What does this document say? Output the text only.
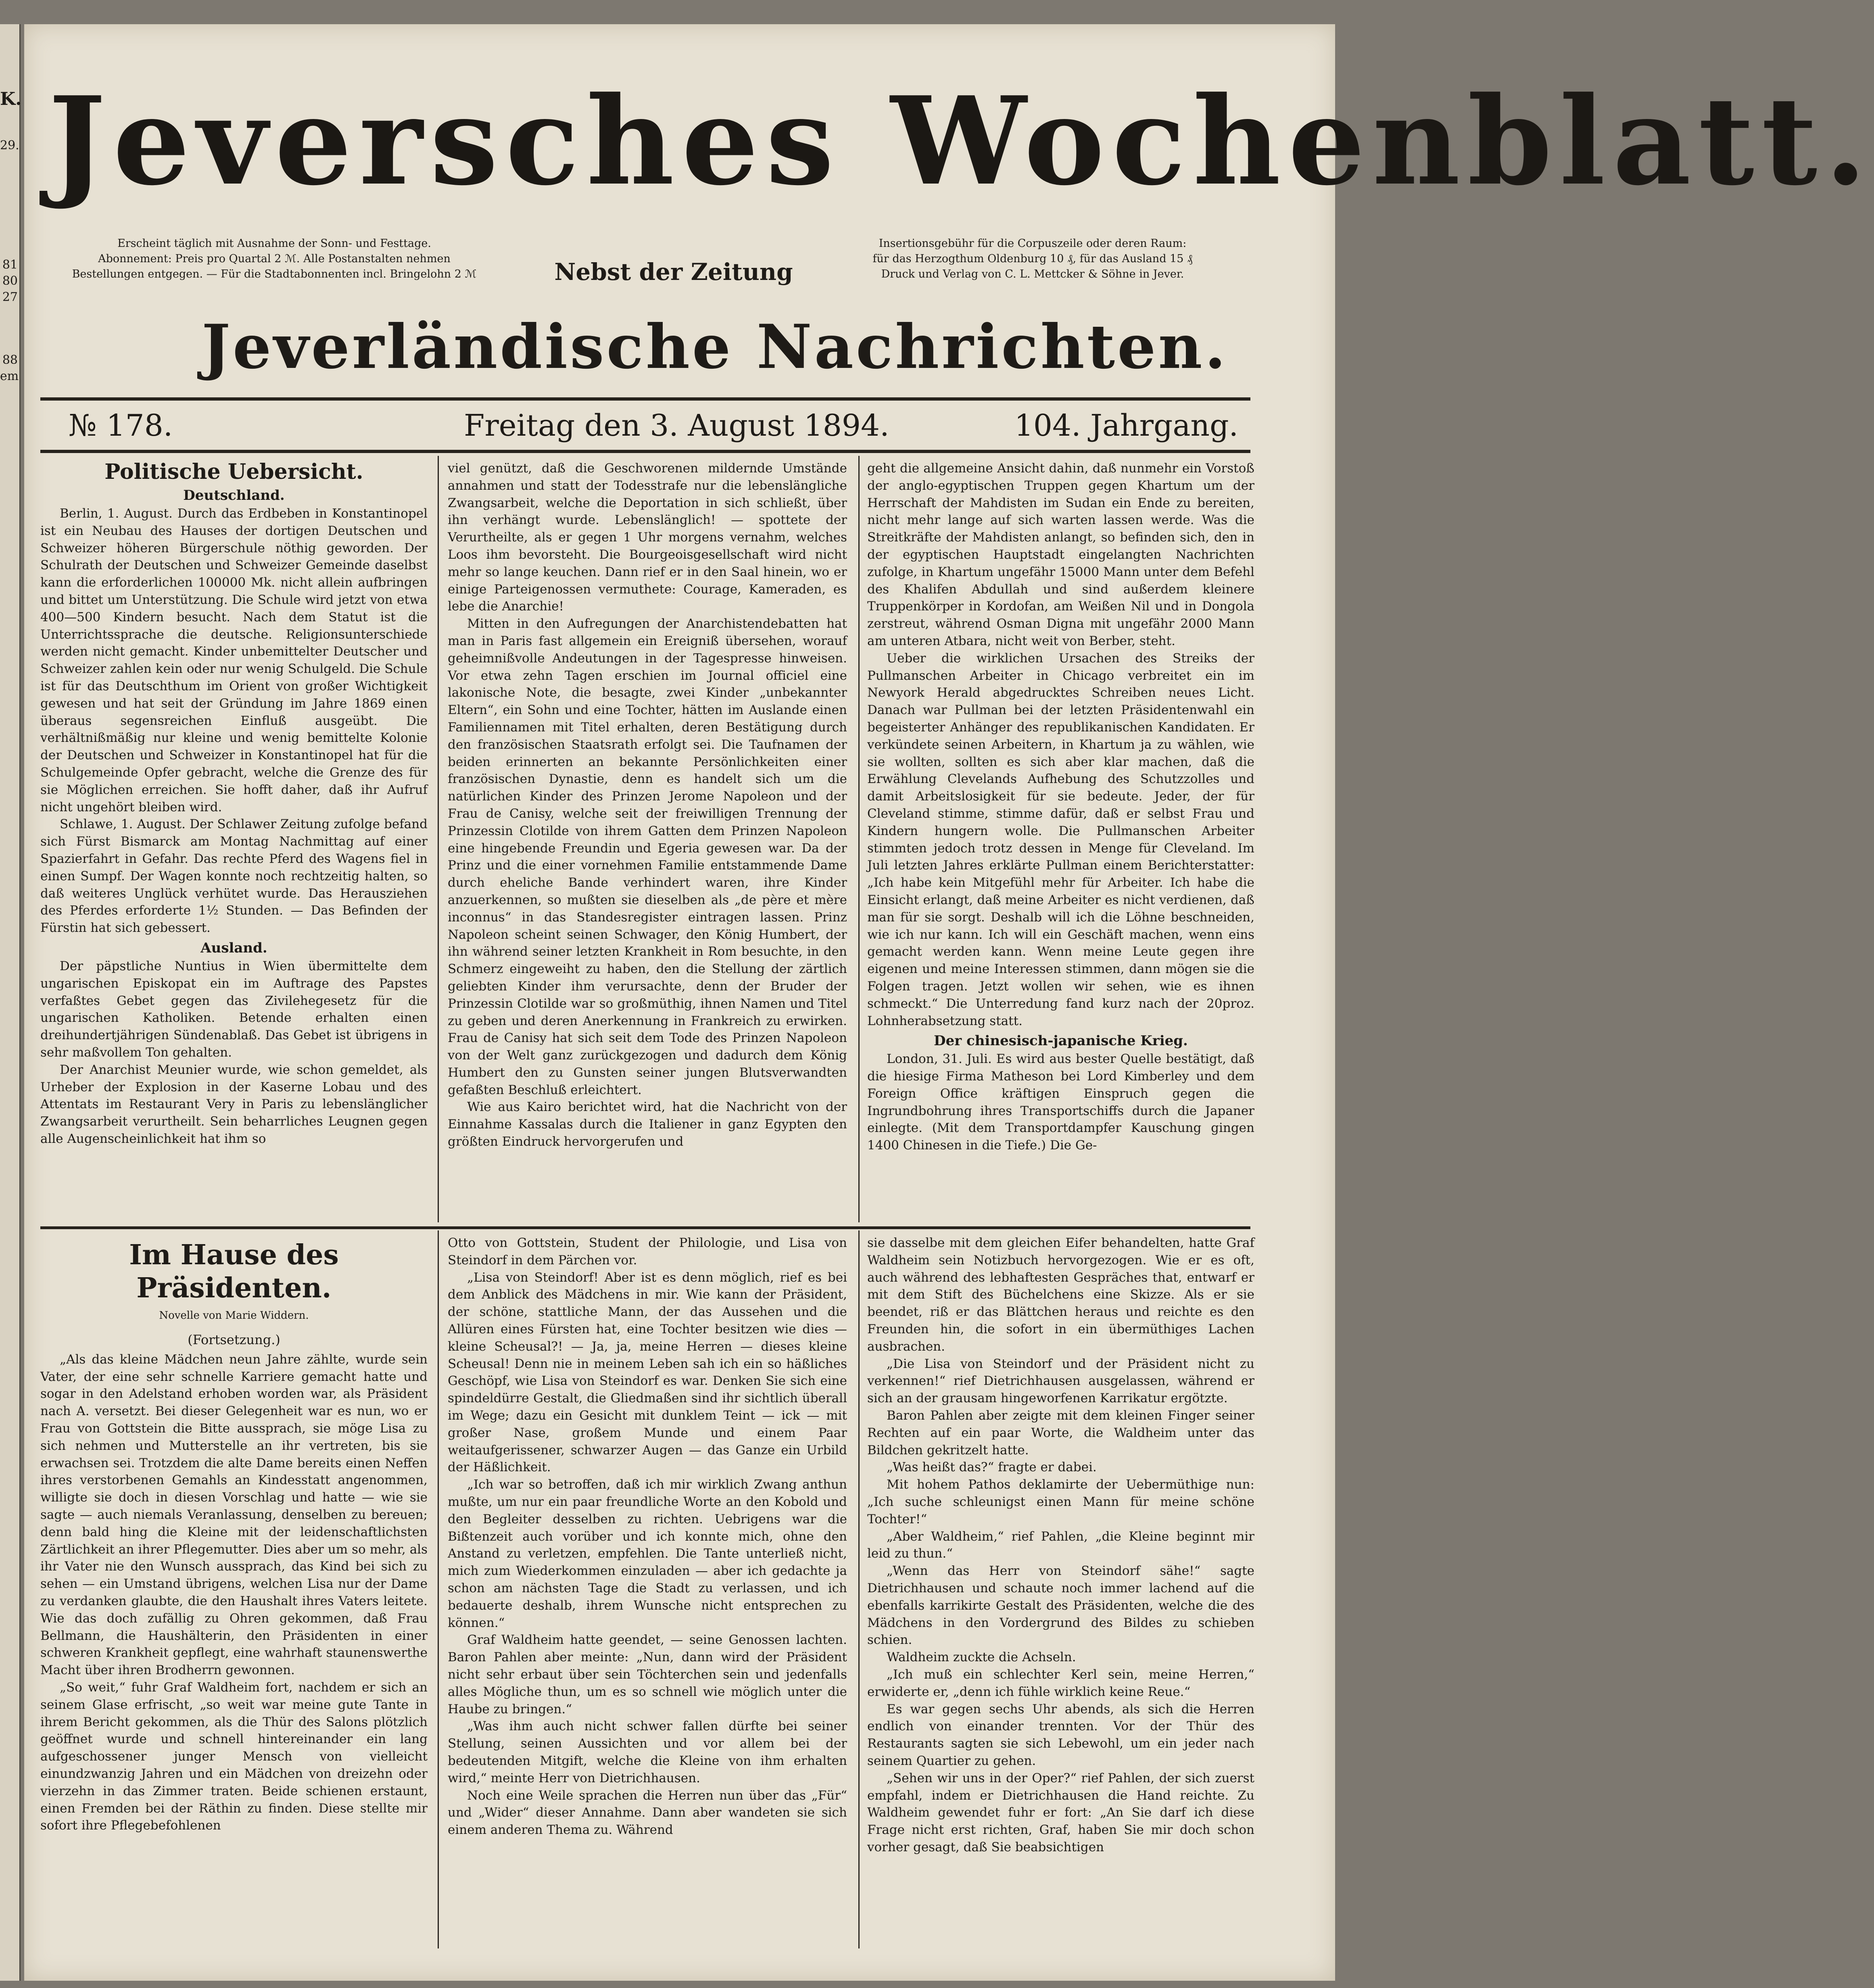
K.
29.
81
80
27
88
em
Jeversches Wochenblatt.
Erscheint täglich mit Ausnahme der Sonn- und Festtage.
Abonnement: Preis pro Quartal 2 ℳ. Alle Postanstalten nehmen
Bestellungen entgegen. — Für die Stadtabonnenten incl. Bringelohn 2 ℳ	Nebst der Zeitung
Insertionsgebühr für die Corpuszeile oder deren Raum:
für das Herzogthum Oldenburg 10 ₰, für das Ausland 15 ₰
Druck und Verlag von C. L. Mettcker & Söhne in Jever.
Jeverländische Nachrichten.
№ 178.	Freitag den 3. August 1894.	104. Jahrgang.
Politische Uebersicht.
Deutschland.

Berlin, 1. August. Durch das Erdbeben in Konstantinopel ist ein Neubau des Hauses der dortigen Deutschen und Schweizer höheren Bürgerschule nöthig geworden. Der Schulrath der Deutschen und Schweizer Gemeinde daselbst kann die erforderlichen 100000 Mk. nicht allein aufbringen und bittet um Unterstützung. Die Schule wird jetzt von etwa 400—500 Kindern besucht. Nach dem Statut ist die Unterrichtssprache die deutsche. Religionsunterschiede werden nicht gemacht. Kinder unbemittelter Deutscher und Schweizer zahlen kein oder nur wenig Schulgeld. Die Schule ist für das Deutschthum im Orient von großer Wichtigkeit gewesen und hat seit der Gründung im Jahre 1869 einen überaus segensreichen Einfluß ausgeübt. Die verhältnißmäßig nur kleine und wenig bemittelte Kolonie der Deutschen und Schweizer in Konstantinopel hat für die Schulgemeinde Opfer gebracht, welche die Grenze des für sie Möglichen erreichen. Sie hofft daher, daß ihr Aufruf nicht ungehört bleiben wird.

Schlawe, 1. August. Der Schlawer Zeitung zufolge befand sich Fürst Bismarck am Montag Nachmittag auf einer Spazierfahrt in Gefahr. Das rechte Pferd des Wagens fiel in einen Sumpf. Der Wagen konnte noch rechtzeitig halten, so daß weiteres Unglück verhütet wurde. Das Herausziehen des Pferdes erforderte 1½ Stunden. — Das Befinden der Fürstin hat sich gebessert.

Ausland.

Der päpstliche Nuntius in Wien übermittelte dem ungarischen Episkopat ein im Auftrage des Papstes verfaßtes Gebet gegen das Zivilehegesetz für die ungarischen Katholiken. Betende erhalten einen dreihundertjährigen Sündenablaß. Das Gebet ist übrigens in sehr maßvollem Ton gehalten.

Der Anarchist Meunier wurde, wie schon gemeldet, als Urheber der Explosion in der Kaserne Lobau und des Attentats im Restaurant Very in Paris zu lebenslänglicher Zwangsarbeit verurtheilt. Sein beharrliches Leugnen gegen alle Augenscheinlichkeit hat ihm so

viel genützt, daß die Geschworenen mildernde Umstände annahmen und statt der Todesstrafe nur die lebenslängliche Zwangsarbeit, welche die Deportation in sich schließt, über ihn verhängt wurde. Lebenslänglich! — spottete der Verurtheilte, als er gegen 1 Uhr morgens vernahm, welches Loos ihm bevorsteht. Die Bourgeoisgesellschaft wird nicht mehr so lange keuchen. Dann rief er in den Saal hinein, wo er einige Parteigenossen vermuthete: Courage, Kameraden, es lebe die Anarchie!

Mitten in den Aufregungen der Anarchistendebatten hat man in Paris fast allgemein ein Ereigniß übersehen, worauf geheimnißvolle Andeutungen in der Tagespresse hinweisen. Vor etwa zehn Tagen erschien im Journal officiel eine lakonische Note, die besagte, zwei Kinder „unbekannter Eltern“, ein Sohn und eine Tochter, hätten im Auslande einen Familiennamen mit Titel erhalten, deren Bestätigung durch den französischen Staatsrath erfolgt sei. Die Taufnamen der beiden erinnerten an bekannte Persönlichkeiten einer französischen Dynastie, denn es handelt sich um die natürlichen Kinder des Prinzen Jerome Napoleon und der Frau de Canisy, welche seit der freiwilligen Trennung der Prinzessin Clotilde von ihrem Gatten dem Prinzen Napoleon eine hingebende Freundin und Egeria gewesen war. Da der Prinz und die einer vornehmen Familie entstammende Dame durch eheliche Bande verhindert waren, ihre Kinder anzuerkennen, so mußten sie dieselben als „de père et mère inconnus“ in das Standesregister eintragen lassen. Prinz Napoleon scheint seinen Schwager, den König Humbert, der ihn während seiner letzten Krankheit in Rom besuchte, in den Schmerz eingeweiht zu haben, den die Stellung der zärtlich geliebten Kinder ihm verursachte, denn der Bruder der Prinzessin Clotilde war so großmüthig, ihnen Namen und Titel zu geben und deren Anerkennung in Frankreich zu erwirken. Frau de Canisy hat sich seit dem Tode des Prinzen Napoleon von der Welt ganz zurückgezogen und dadurch dem König Humbert den zu Gunsten seiner jungen Blutsverwandten gefaßten Beschluß erleichtert.

Wie aus Kairo berichtet wird, hat die Nachricht von der Einnahme Kassalas durch die Italiener in ganz Egypten den größten Eindruck hervorgerufen und

geht die allgemeine Ansicht dahin, daß nunmehr ein Vorstoß der anglo-egyptischen Truppen gegen Khartum um der Herrschaft der Mahdisten im Sudan ein Ende zu bereiten, nicht mehr lange auf sich warten lassen werde. Was die Streitkräfte der Mahdisten anlangt, so befinden sich, den in der egyptischen Hauptstadt eingelangten Nachrichten zufolge, in Khartum ungefähr 15000 Mann unter dem Befehl des Khalifen Abdullah und sind außerdem kleinere Truppenkörper in Kordofan, am Weißen Nil und in Dongola zerstreut, während Osman Digna mit ungefähr 2000 Mann am unteren Atbara, nicht weit von Berber, steht.

Ueber die wirklichen Ursachen des Streiks der Pullmanschen Arbeiter in Chicago verbreitet ein im Newyork Herald abgedrucktes Schreiben neues Licht. Danach war Pullman bei der letzten Präsidentenwahl ein begeisterter Anhänger des republikanischen Kandidaten. Er verkündete seinen Arbeitern, in Khartum ja zu wählen, wie sie wollten, sollten es sich aber klar machen, daß die Erwählung Clevelands Aufhebung des Schutzzolles und damit Arbeitslosigkeit für sie bedeute. Jeder, der für Cleveland stimme, stimme dafür, daß er selbst Frau und Kindern hungern wolle. Die Pullmanschen Arbeiter stimmten jedoch trotz dessen in Menge für Cleveland. Im Juli letzten Jahres erklärte Pullman einem Berichterstatter: „Ich habe kein Mitgefühl mehr für Arbeiter. Ich habe die Einsicht erlangt, daß meine Arbeiter es nicht verdienen, daß man für sie sorgt. Deshalb will ich die Löhne beschneiden, wie ich nur kann. Ich will ein Geschäft machen, wenn eins gemacht werden kann. Wenn meine Leute gegen ihre eigenen und meine Interessen stimmen, dann mögen sie die Folgen tragen. Jetzt wollen wir sehen, wie es ihnen schmeckt.“ Die Unterredung fand kurz nach der 20proz. Lohnherabsetzung statt.

Der chinesisch-japanische Krieg.

London, 31. Juli. Es wird aus bester Quelle bestätigt, daß die hiesige Firma Matheson bei Lord Kimberley und dem Foreign Office kräftigen Einspruch gegen die Ingrundbohrung ihres Transportschiffs durch die Japaner einlegte. (Mit dem Transportdampfer Kauschung gingen 1400 Chinesen in die Tiefe.) Die Ge-

Im Hause des Präsidenten.
Novelle von Marie Widdern.
(Fortsetzung.)

„Als das kleine Mädchen neun Jahre zählte, wurde sein Vater, der eine sehr schnelle Karriere gemacht hatte und sogar in den Adelstand erhoben worden war, als Präsident nach A. versetzt. Bei dieser Gelegenheit war es nun, wo er Frau von Gottstein die Bitte aussprach, sie möge Lisa zu sich nehmen und Mutterstelle an ihr vertreten, bis sie erwachsen sei. Trotzdem die alte Dame bereits einen Neffen ihres verstorbenen Gemahls an Kindesstatt angenommen, willigte sie doch in diesen Vorschlag und hatte — wie sie sagte — auch niemals Veranlassung, denselben zu bereuen; denn bald hing die Kleine mit der leidenschaftlichsten Zärtlichkeit an ihrer Pflegemutter. Dies aber um so mehr, als ihr Vater nie den Wunsch aussprach, das Kind bei sich zu sehen — ein Umstand übrigens, welchen Lisa nur der Dame zu verdanken glaubte, die den Haushalt ihres Vaters leitete. Wie das doch zufällig zu Ohren gekommen, daß Frau Bellmann, die Haushälterin, den Präsidenten in einer schweren Krankheit gepflegt, eine wahrhaft staunenswerthe Macht über ihren Brodherrn gewonnen.

„So weit,“ fuhr Graf Waldheim fort, nachdem er sich an seinem Glase erfrischt, „so weit war meine gute Tante in ihrem Bericht gekommen, als die Thür des Salons plötzlich geöffnet wurde und schnell hintereinander ein lang aufgeschossener junger Mensch von vielleicht einundzwanzig Jahren und ein Mädchen von dreizehn oder vierzehn in das Zimmer traten. Beide schienen erstaunt, einen Fremden bei der Räthin zu finden. Diese stellte mir sofort ihre Pflegebefohlenen

Otto von Gottstein, Student der Philologie, und Lisa von Steindorf in dem Pärchen vor.

„Lisa von Steindorf! Aber ist es denn möglich, rief es bei dem Anblick des Mädchens in mir. Wie kann der Präsident, der schöne, stattliche Mann, der das Aussehen und die Allüren eines Fürsten hat, eine Tochter besitzen wie dies — kleine Scheusal?! — Ja, ja, meine Herren — dieses kleine Scheusal! Denn nie in meinem Leben sah ich ein so häßliches Geschöpf, wie Lisa von Steindorf es war. Denken Sie sich eine spindeldürre Gestalt, die Gliedmaßen sind ihr sichtlich überall im Wege; dazu ein Gesicht mit dunklem Teint — ick — mit großer Nase, großem Munde und einem Paar weitaufgerissener, schwarzer Augen — das Ganze ein Urbild der Häßlichkeit.

„Ich war so betroffen, daß ich mir wirklich Zwang anthun mußte, um nur ein paar freundliche Worte an den Kobold und den Begleiter desselben zu richten. Uebrigens war die Bißtenzeit auch vorüber und ich konnte mich, ohne den Anstand zu verletzen, empfehlen. Die Tante unterließ nicht, mich zum Wiederkommen einzuladen — aber ich gedachte ja schon am nächsten Tage die Stadt zu verlassen, und ich bedauerte deshalb, ihrem Wunsche nicht entsprechen zu können.“

Graf Waldheim hatte geendet, — seine Genossen lachten. Baron Pahlen aber meinte: „Nun, dann wird der Präsident nicht sehr erbaut über sein Töchterchen sein und jedenfalls alles Mögliche thun, um es so schnell wie möglich unter die Haube zu bringen.“

„Was ihm auch nicht schwer fallen dürfte bei seiner Stellung, seinen Aussichten und vor allem bei der bedeutenden Mitgift, welche die Kleine von ihm erhalten wird,“ meinte Herr von Dietrichhausen.

Noch eine Weile sprachen die Herren nun über das „Für“ und „Wider“ dieser Annahme. Dann aber wandeten sie sich einem anderen Thema zu. Während

sie dasselbe mit dem gleichen Eifer behandelten, hatte Graf Waldheim sein Notizbuch hervorgezogen. Wie er es oft, auch während des lebhaftesten Gespräches that, entwarf er mit dem Stift des Büchelchens eine Skizze. Als er sie beendet, riß er das Blättchen heraus und reichte es den Freunden hin, die sofort in ein übermüthiges Lachen ausbrachen.

„Die Lisa von Steindorf und der Präsident nicht zu verkennen!“ rief Dietrichhausen ausgelassen, während er sich an der grausam hingeworfenen Karrikatur ergötzte.

Baron Pahlen aber zeigte mit dem kleinen Finger seiner Rechten auf ein paar Worte, die Waldheim unter das Bildchen gekritzelt hatte.

„Was heißt das?“ fragte er dabei.

Mit hohem Pathos deklamirte der Uebermüthige nun: „Ich suche schleunigst einen Mann für meine schöne Tochter!“

„Aber Waldheim,“ rief Pahlen, „die Kleine beginnt mir leid zu thun.“

„Wenn das Herr von Steindorf sähe!“ sagte Dietrichhausen und schaute noch immer lachend auf die ebenfalls karrikirte Gestalt des Präsidenten, welche die des Mädchens in den Vordergrund des Bildes zu schieben schien.

Waldheim zuckte die Achseln.

„Ich muß ein schlechter Kerl sein, meine Herren,“ erwiderte er, „denn ich fühle wirklich keine Reue.“

Es war gegen sechs Uhr abends, als sich die Herren endlich von einander trennten. Vor der Thür des Restaurants sagten sie sich Lebewohl, um ein jeder nach seinem Quartier zu gehen.

„Sehen wir uns in der Oper?“ rief Pahlen, der sich zuerst empfahl, indem er Dietrichhausen die Hand reichte. Zu Waldheim gewendet fuhr er fort: „An Sie darf ich diese Frage nicht erst richten, Graf, haben Sie mir doch schon vorher gesagt, daß Sie beabsichtigen
